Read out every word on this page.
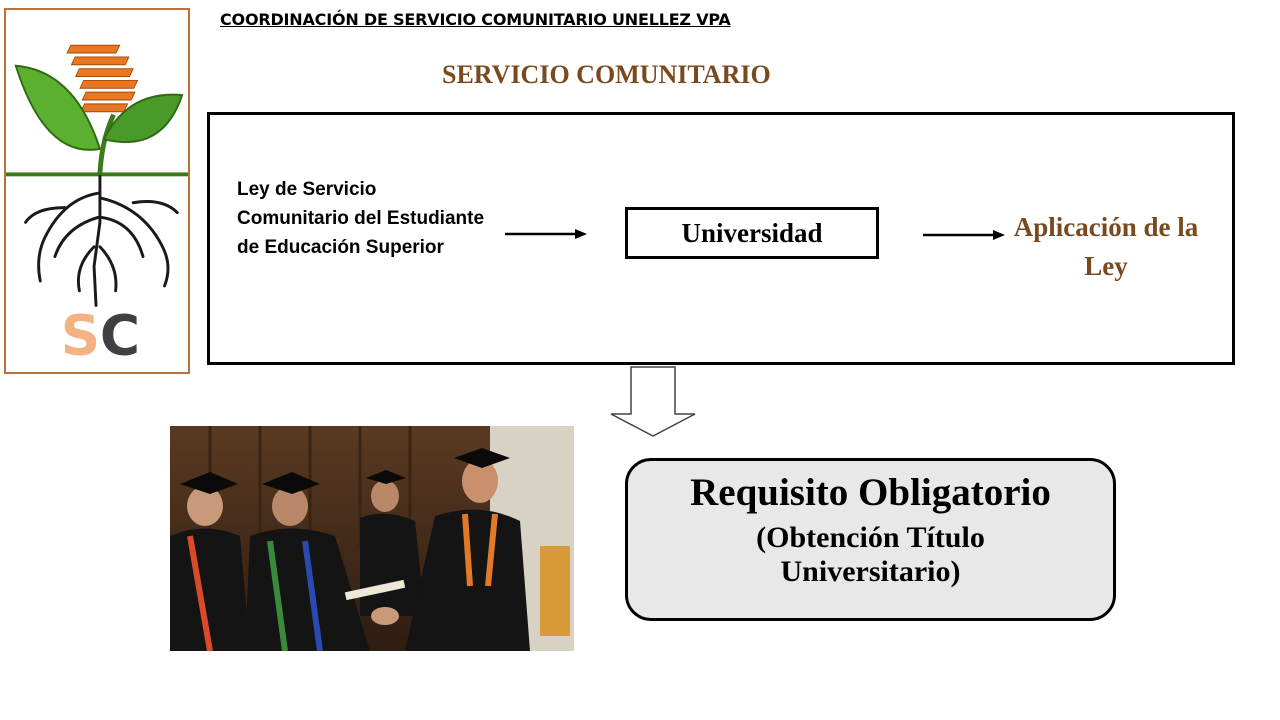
S C
COORDINACIÓN DE SERVICIO COMUNITARIO UNELLEZ VPA
SERVICIO COMUNITARIO
Ley de Servicio Comunitario del Estudiante de Educación Superior	Universidad	Aplicación de la Ley
Requisito Obligatorio
(Obtención Título Universitario)
